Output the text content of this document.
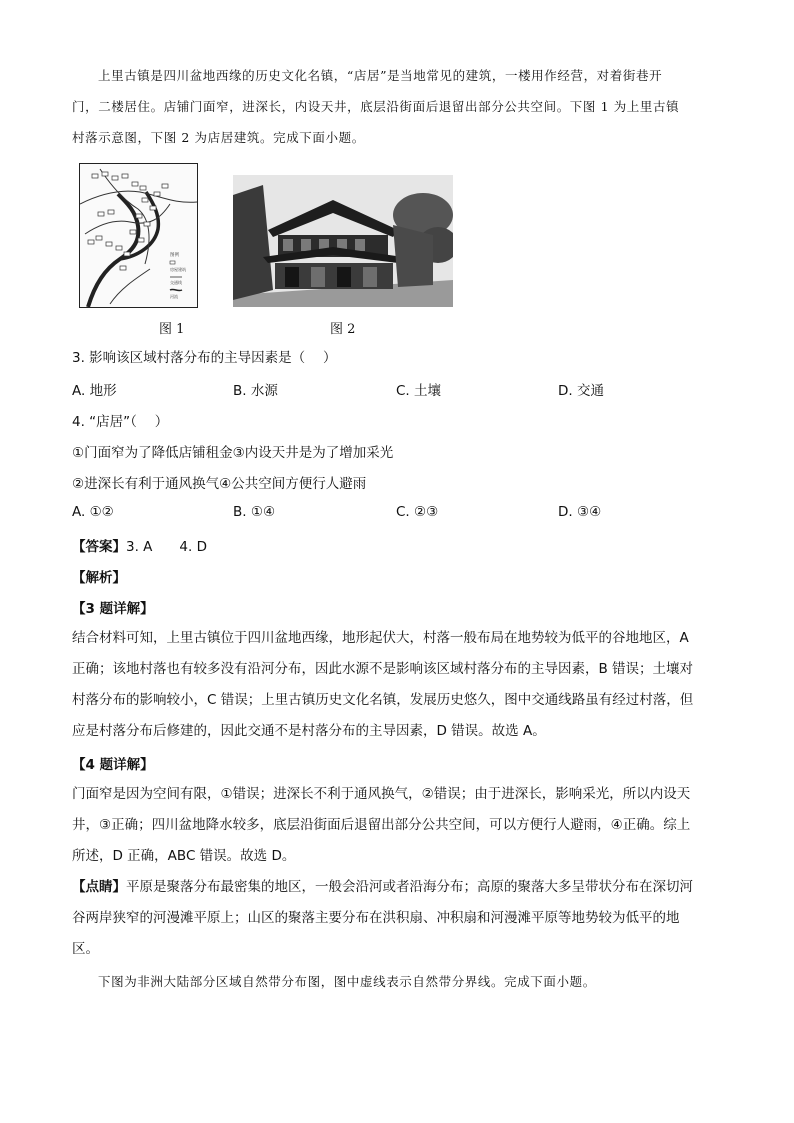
上里古镇是四川盆地西缘的历史文化名镇，“店居”是当地常见的建筑，一楼用作经营，对着街巷开
门，二楼居住。店铺门面窄，进深长，内设天井，底层沿街面后退留出部分公共空间。下图 1 为上里古镇
村落示意图，下图 2 为店居建筑。完成下面小题。
图例
房屋建筑
交通线
河流
图 1	图 2
3. 影响该区域村落分布的主导因素是（　 ）
A. 地形	B. 水源	C. 土壤	D. 交通
4. “店居”（　 ）
①门面窄为了降低店铺租金③内设天井是为了增加采光
②进深长有利于通风换气④公共空间方便行人避雨
A. ①②	B. ①④	C. ②③	D. ③④
【答案】3. A　　4. D
【解析】
【3 题详解】
结合材料可知，上里古镇位于四川盆地西缘，地形起伏大，村落一般布局在地势较为低平的谷地地区，A
正确；该地村落也有较多没有沿河分布，因此水源不是影响该区域村落分布的主导因素，B 错误；土壤对
村落分布的影响较小，C 错误；上里古镇历史文化名镇，发展历史悠久，图中交通线路虽有经过村落，但
应是村落分布后修建的，因此交通不是村落分布的主导因素，D 错误。故选 A。
【4 题详解】
门面窄是因为空间有限，①错误；进深长不利于通风换气，②错误；由于进深长，影响采光，所以内设天
井，③正确；四川盆地降水较多，底层沿街面后退留出部分公共空间，可以方便行人避雨，④正确。综上
所述，D 正确，ABC 错误。故选 D。
【点睛】平原是聚落分布最密集的地区，一般会沿河或者沿海分布；高原的聚落大多呈带状分布在深切河
谷两岸狭窄的河漫滩平原上；山区的聚落主要分布在洪积扇、冲积扇和河漫滩平原等地势较为低平的地
区。
下图为非洲大陆部分区域自然带分布图，图中虚线表示自然带分界线。完成下面小题。
